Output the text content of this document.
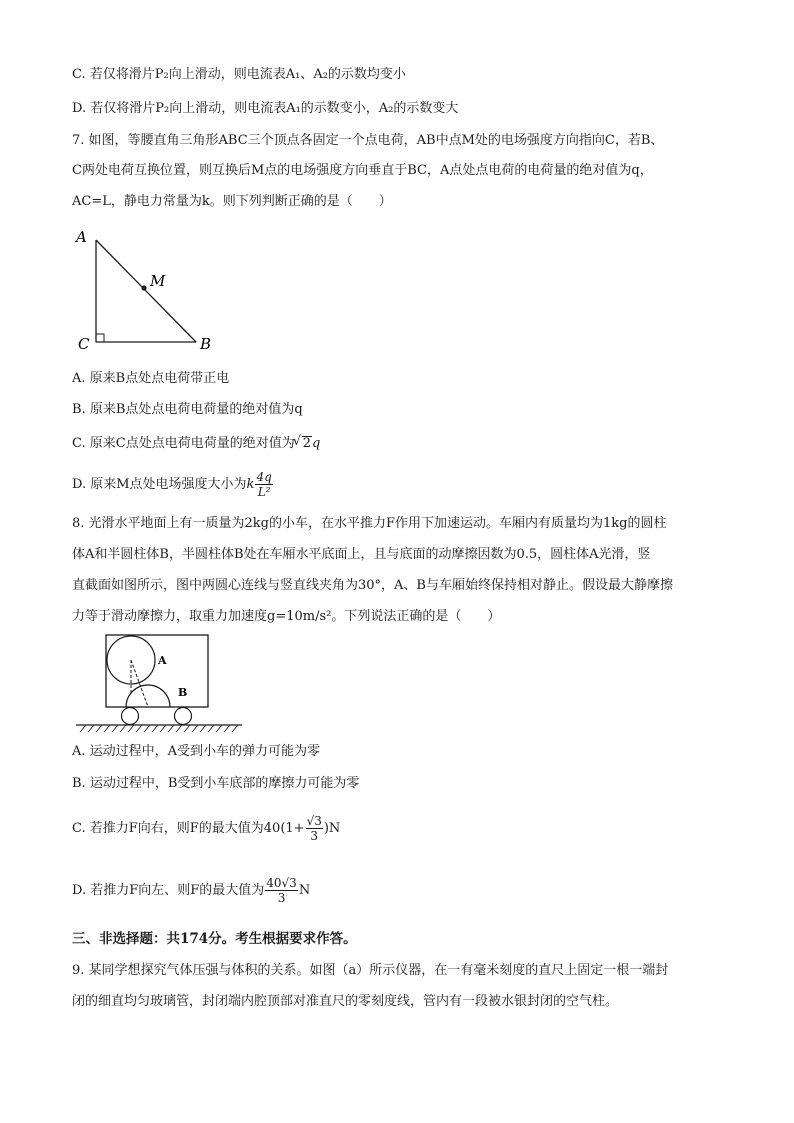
C. 若仅将滑片P₂向上滑动，则电流表A₁、A₂的示数均变小
D. 若仅将滑片P₂向上滑动，则电流表A₁的示数变小，A₂的示数变大
7. 如图，等腰直角三角形ABC三个顶点各固定一个点电荷，AB中点M处的电场强度方向指向C，若B、
C两处电荷互换位置，则互换后M点的电场强度方向垂直于BC，A点处点电荷的电荷量的绝对值为q，
AC=L，静电力常量为k。则下列判断正确的是（　　）
A
M
C	B
A. 原来B点处点电荷带正电
B. 原来B点处点电荷电荷量的绝对值为q
C. 原来C点处点电荷电荷量的绝对值为√ 2q
D. 原来M点处电场强度大小为k $\frac{4q}{\text{L²}}$
8. 光滑水平地面上有一质量为2kg的小车，在水平推力F作用下加速运动。车厢内有质量均为1kg的圆柱
体A和半圆柱体B，半圆柱体B处在车厢水平底面上，且与底面的动摩擦因数为0.5，圆柱体A光滑，竖
直截面如图所示，图中两圆心连线与竖直线夹角为30°，A、B与车厢始终保持相对静止。假设最大静摩擦
力等于滑动摩擦力，取重力加速度g=10m/s²。下列说法正确的是（　　）
A
B
A. 运动过程中，A受到小车的弹力可能为零
B. 运动过程中，B受到小车底部的摩擦力可能为零
C. 若推力F向右，则F的最大值为$40(1+ \frac{√3}{3} )N$
D. 若推力F向左、则F的最大值为 $\frac{40√3}{3}$ N
三、非选择题：共174分。考生根据要求作答。
9. 某同学想探究气体压强与体积的关系。如图（a）所示仪器，在一有毫米刻度的直尺上固定一根一端封
闭的细直均匀玻璃管，封闭端内腔顶部对准直尺的零刻度线，管内有一段被水银封闭的空气柱。
